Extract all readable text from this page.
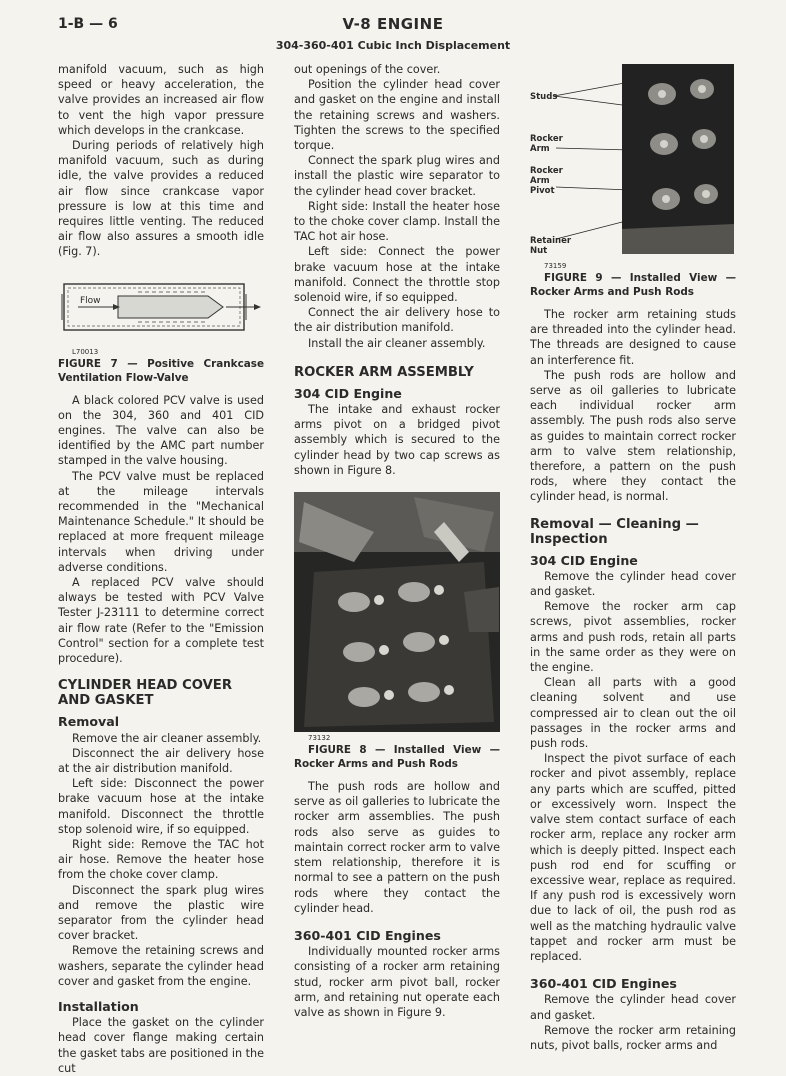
1-B — 6	V-8 ENGINE
304-360-401 Cubic Inch Displacement

manifold vacuum, such as high speed or heavy acceleration, the valve provides an increased air flow to vent the high vapor pressure which develops in the crankcase.

During periods of relatively high manifold vacuum, such as during idle, the valve provides a reduced air flow since crankcase vapor pressure is low at this time and requires little venting. The reduced air flow also assures a smooth idle (Fig. 7).

Flow

L70013

FIGURE 7 — Positive Crankcase Ventilation Flow-Valve

A black colored PCV valve is used on the 304, 360 and 401 CID engines. The valve can also be identified by the AMC part number stamped in the valve housing.

The PCV valve must be replaced at the mileage intervals recommended in the "Mechanical Maintenance Schedule." It should be replaced at more frequent mileage intervals when driving under adverse conditions.

A replaced PCV valve should always be tested with PCV Valve Tester J-23111 to determine correct air flow rate (Refer to the "Emission Control" section for a complete test procedure).

CYLINDER HEAD COVER AND GASKET
Removal

Remove the air cleaner assembly.

Disconnect the air delivery hose at the air distribution manifold.

Left side: Disconnect the power brake vacuum hose at the intake manifold. Disconnect the throttle stop solenoid wire, if so equipped.

Right side: Remove the TAC hot air hose. Remove the heater hose from the choke cover clamp.

Disconnect the spark plug wires and remove the plastic wire separator from the cylinder head cover bracket.

Remove the retaining screws and washers, separate the cylinder head cover and gasket from the engine.

Installation

Place the gasket on the cylinder head cover flange making certain the gasket tabs are positioned in the cut

out openings of the cover.

Position the cylinder head cover and gasket on the engine and install the retaining screws and washers. Tighten the screws to the specified torque.

Connect the spark plug wires and install the plastic wire separator to the cylinder head cover bracket.

Right side: Install the heater hose to the choke cover clamp. Install the TAC hot air hose.

Left side: Connect the power brake vacuum hose at the intake manifold. Connect the throttle stop solenoid wire, if so equipped.

Connect the air delivery hose to the air distribution manifold.

Install the air cleaner assembly.

ROCKER ARM ASSEMBLY
304 CID Engine

The intake and exhaust rocker arms pivot on a bridged pivot assembly which is secured to the cylinder head by two cap screws as shown in Figure 8.

73132

FIGURE 8 — Installed View — Rocker Arms and Push Rods

The push rods are hollow and serve as oil galleries to lubricate the rocker arm assemblies. The push rods also serve as guides to maintain correct rocker arm to valve stem relationship, therefore it is normal to see a pattern on the push rods where they contact the cylinder head.

360-401 CID Engines

Individually mounted rocker arms consisting of a rocker arm retaining stud, rocker arm pivot ball, rocker arm, and retaining nut operate each valve as shown in Figure 9.

Studs
Rocker Arm
Rocker Arm Pivot
Retainer Nut

73159

FIGURE 9 — Installed View — Rocker Arms and Push Rods

The rocker arm retaining studs are threaded into the cylinder head. The threads are designed to cause an interference fit.

The push rods are hollow and serve as oil galleries to lubricate each individual rocker arm assembly. The push rods also serve as guides to maintain correct rocker arm to valve stem relationship, therefore, a pattern on the push rods, where they contact the cylinder head, is normal.

Removal — Cleaning — Inspection
304 CID Engine

Remove the cylinder head cover and gasket.

Remove the rocker arm cap screws, pivot assemblies, rocker arms and push rods, retain all parts in the same order as they were on the engine.

Clean all parts with a good cleaning solvent and use compressed air to clean out the oil passages in the rocker arms and push rods.

Inspect the pivot surface of each rocker and pivot assembly, replace any parts which are scuffed, pitted or excessively worn. Inspect the valve stem contact surface of each rocker arm, replace any rocker arm which is deeply pitted. Inspect each push rod end for scuffing or excessive wear, replace as required. If any push rod is excessively worn due to lack of oil, the push rod as well as the matching hydraulic valve tappet and rocker arm must be replaced.

360-401 CID Engines

Remove the cylinder head cover and gasket.

Remove the rocker arm retaining nuts, pivot balls, rocker arms and
